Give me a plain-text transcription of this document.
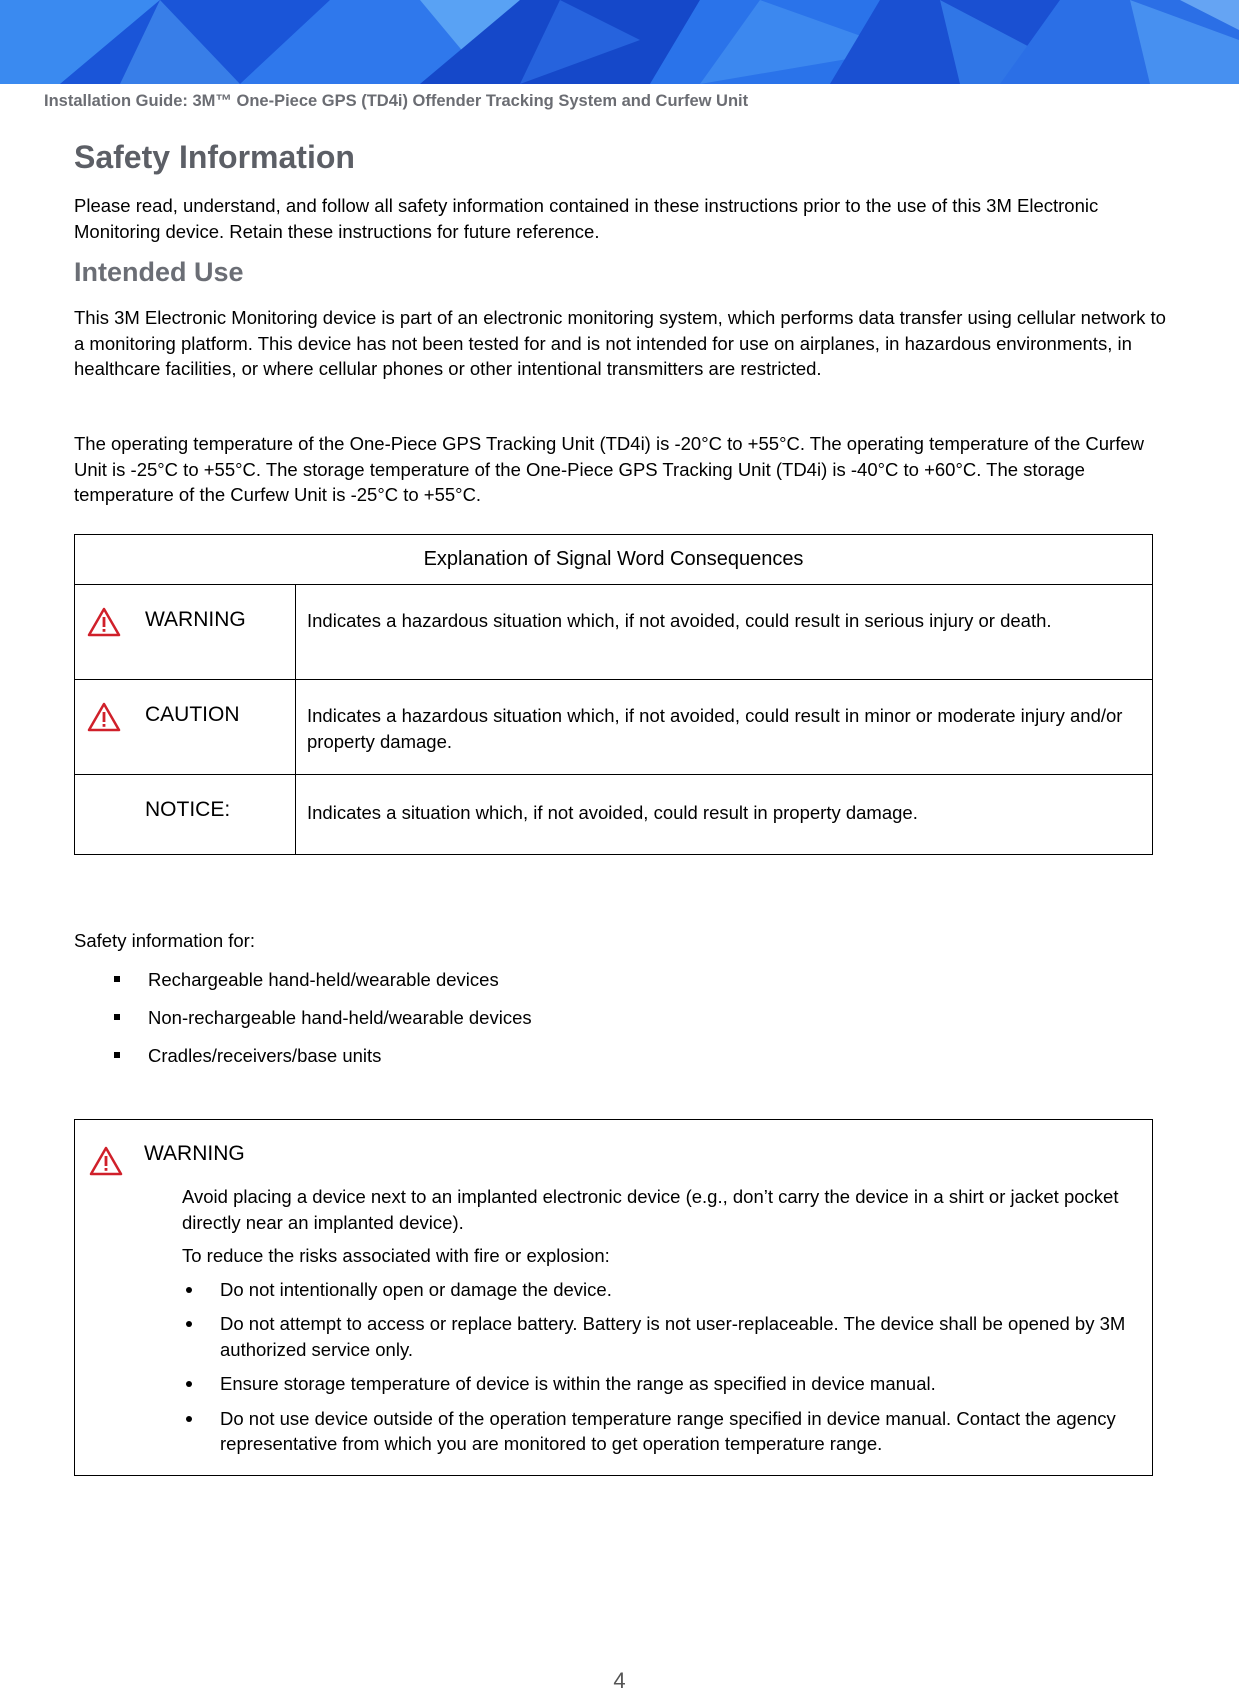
Installation Guide: 3M™ One-Piece GPS (TD4i) Offender Tracking System and Curfew Unit
Safety Information

Please read, understand, and follow all safety information contained in these instructions prior to the use of this 3M Electronic Monitoring device. Retain these instructions for future reference.

Intended Use

This 3M Electronic Monitoring device is part of an electronic monitoring system, which performs data transfer using cellular network to a monitoring platform. This device has not been tested for and is not intended for use on airplanes, in hazardous environments, in healthcare facilities, or where cellular phones or other intentional transmitters are restricted.

The operating temperature of the One-Piece GPS Tracking Unit (TD4i) is -20°C to +55°C. The operating temperature of the Curfew Unit is -25°C to +55°C. The storage temperature of the One-Piece GPS Tracking Unit (TD4i) is -40°C to +60°C. The storage temperature of the Curfew Unit is -25°C to +55°C.

Explanation of Signal Word Consequences	

WARNING	Indicates a hazardous situation which, if not avoided, could result in serious injury or death.

CAUTION	Indicates a hazardous situation which, if not avoided, could result in minor or moderate injury and/or property damage.

NOTICE:	Indicates a situation which, if not avoided, could result in property damage.

Safety information for:

Rechargeable hand-held/wearable devices
Non-rechargeable hand-held/wearable devices
Cradles/receivers/base units
WARNING

Avoid placing a device next to an implanted electronic device (e.g., don’t carry the device in a shirt or jacket pocket directly near an implanted device).

To reduce the risks associated with fire or explosion:

Do not intentionally open or damage the device.
Do not attempt to access or replace battery. Battery is not user-replaceable. The device shall be opened by 3M authorized service only.
Ensure storage temperature of device is within the range as specified in device manual.
Do not use device outside of the operation temperature range specified in device manual. Contact the agency representative from which you are monitored to get operation temperature range.
4
